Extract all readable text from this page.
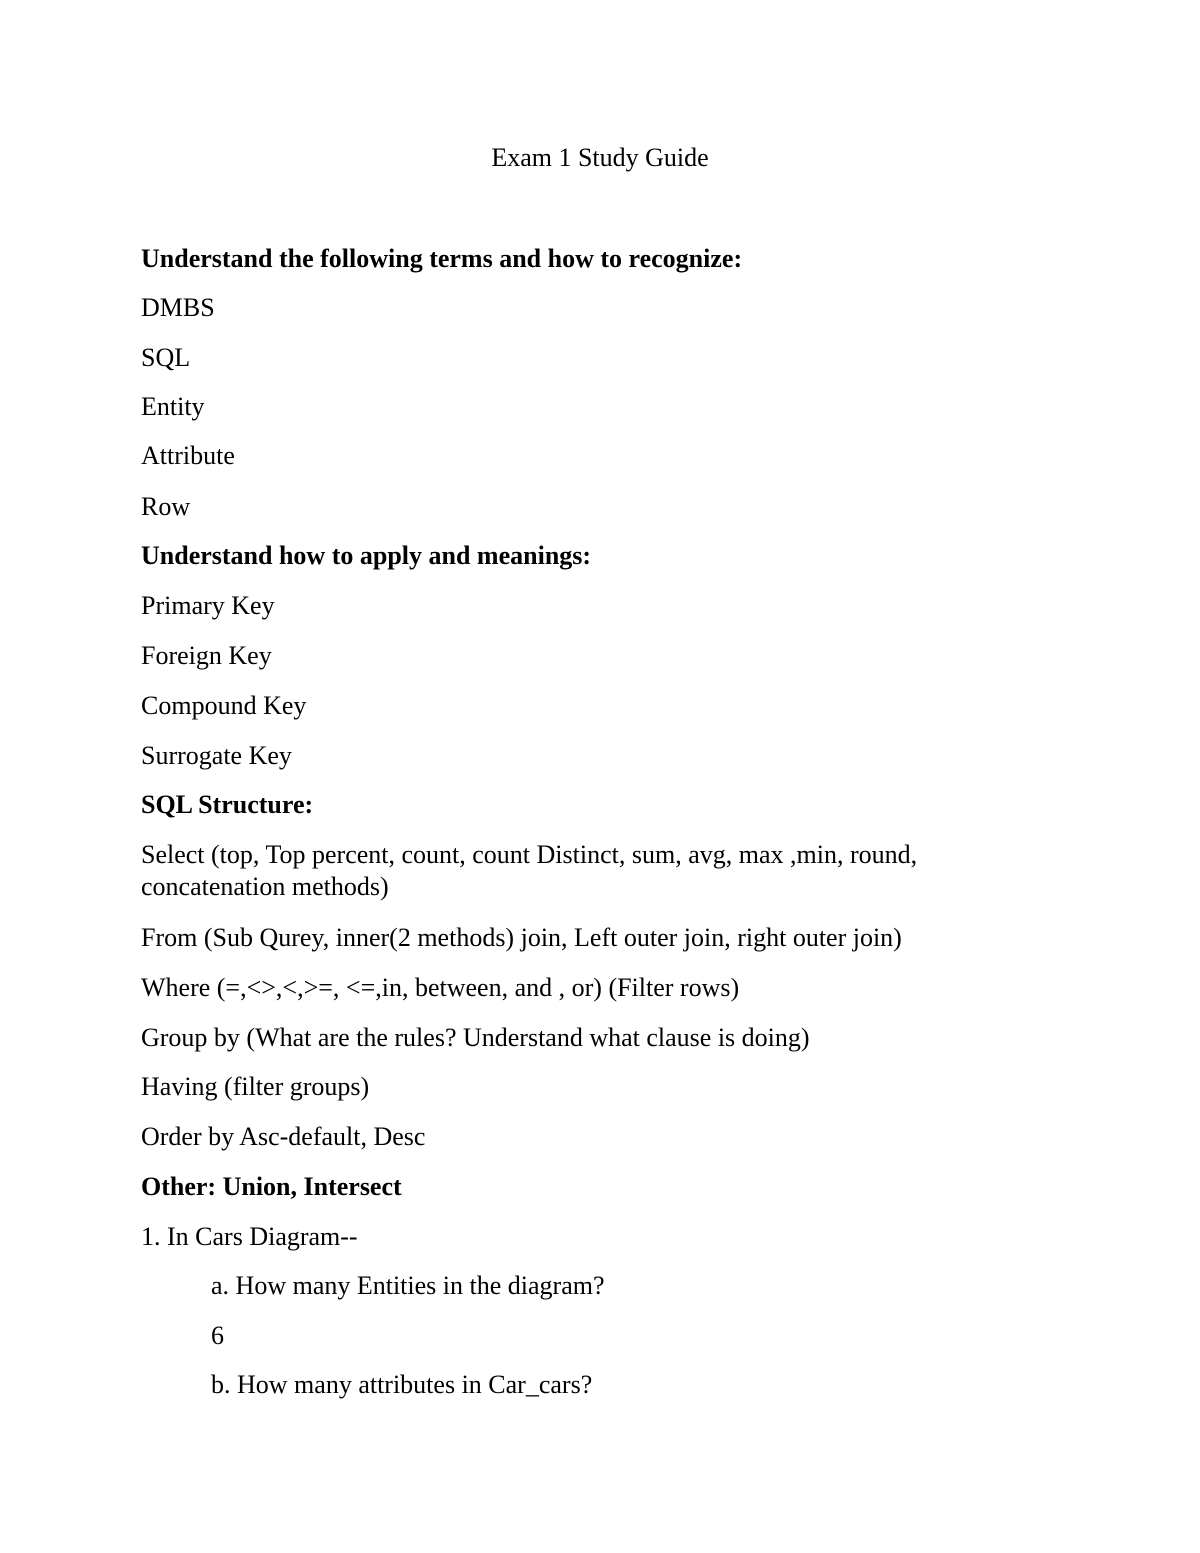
Exam 1 Study Guide
Understand the following terms and how to recognize:
DMBS
SQL
Entity
Attribute
Row
Understand how to apply and meanings:
Primary Key
Foreign Key
Compound Key
Surrogate Key
SQL Structure:
Select (top, Top percent, count, count Distinct, sum, avg, max ,min, round, concatenation methods)
From (Sub Qurey, inner(2 methods) join, Left outer join, right outer join)
Where (=,<>,<,>=, <=,in, between, and , or) (Filter rows)
Group by (What are the rules? Understand what clause is doing)
Having (filter groups)
Order by Asc-default, Desc
Other: Union, Intersect
1. In Cars Diagram--
a. How many Entities in the diagram?
6
b. How many attributes in Car_cars?
